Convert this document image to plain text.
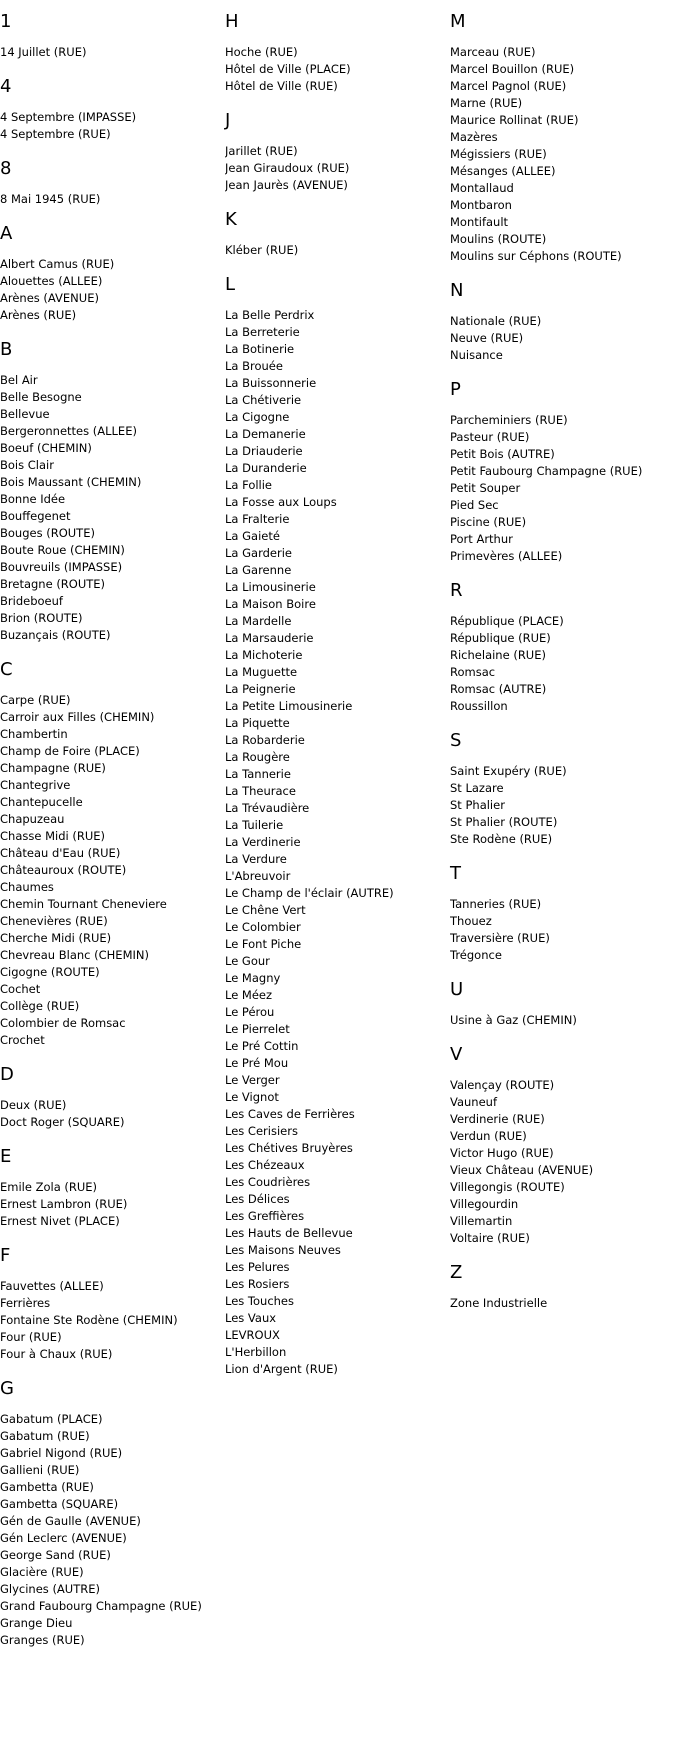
1
14 Juillet (RUE)
4
4 Septembre (IMPASSE)
4 Septembre (RUE)
8
8 Mai 1945 (RUE)
A
Albert Camus (RUE)
Alouettes (ALLEE)
Arènes (AVENUE)
Arènes (RUE)
B
Bel Air
Belle Besogne
Bellevue
Bergeronnettes (ALLEE)
Boeuf (CHEMIN)
Bois Clair
Bois Maussant (CHEMIN)
Bonne Idée
Bouffegenet
Bouges (ROUTE)
Boute Roue (CHEMIN)
Bouvreuils (IMPASSE)
Bretagne (ROUTE)
Brideboeuf
Brion (ROUTE)
Buzançais (ROUTE)
C
Carpe (RUE)
Carroir aux Filles (CHEMIN)
Chambertin
Champ de Foire (PLACE)
Champagne (RUE)
Chantegrive
Chantepucelle
Chapuzeau
Chasse Midi (RUE)
Château d'Eau (RUE)
Châteauroux (ROUTE)
Chaumes
Chemin Tournant Cheneviere
Chenevières (RUE)
Cherche Midi (RUE)
Chevreau Blanc (CHEMIN)
Cigogne (ROUTE)
Cochet
Collège (RUE)
Colombier de Romsac
Crochet
D
Deux (RUE)
Doct Roger (SQUARE)
E
Emile Zola (RUE)
Ernest Lambron (RUE)
Ernest Nivet (PLACE)
F
Fauvettes (ALLEE)
Ferrières
Fontaine Ste Rodène (CHEMIN)
Four (RUE)
Four à Chaux (RUE)
G
Gabatum (PLACE)
Gabatum (RUE)
Gabriel Nigond (RUE)
Gallieni (RUE)
Gambetta (RUE)
Gambetta (SQUARE)
Gén de Gaulle (AVENUE)
Gén Leclerc (AVENUE)
George Sand (RUE)
Glacière (RUE)
Glycines (AUTRE)
Grand Faubourg Champagne (RUE)
Grange Dieu
Granges (RUE)
H
Hoche (RUE)
Hôtel de Ville (PLACE)
Hôtel de Ville (RUE)
J
Jarillet (RUE)
Jean Giraudoux (RUE)
Jean Jaurès (AVENUE)
K
Kléber (RUE)
L
La Belle Perdrix
La Berreterie
La Botinerie
La Brouée
La Buissonnerie
La Chétiverie
La Cigogne
La Demanerie
La Driauderie
La Duranderie
La Follie
La Fosse aux Loups
La Fralterie
La Gaieté
La Garderie
La Garenne
La Limousinerie
La Maison Boire
La Mardelle
La Marsauderie
La Michoterie
La Muguette
La Peignerie
La Petite Limousinerie
La Piquette
La Robarderie
La Rougère
La Tannerie
La Theurace
La Trévaudière
La Tuilerie
La Verdinerie
La Verdure
L'Abreuvoir
Le Champ de l'éclair (AUTRE)
Le Chêne Vert
Le Colombier
Le Font Piche
Le Gour
Le Magny
Le Méez
Le Pérou
Le Pierrelet
Le Pré Cottin
Le Pré Mou
Le Verger
Le Vignot
Les Caves de Ferrières
Les Cerisiers
Les Chétives Bruyères
Les Chézeaux
Les Coudrières
Les Délices
Les Greffières
Les Hauts de Bellevue
Les Maisons Neuves
Les Pelures
Les Rosiers
Les Touches
Les Vaux
LEVROUX
L'Herbillon
Lion d'Argent (RUE)
M
Marceau (RUE)
Marcel Bouillon (RUE)
Marcel Pagnol (RUE)
Marne (RUE)
Maurice Rollinat (RUE)
Mazères
Mégissiers (RUE)
Mésanges (ALLEE)
Montallaud
Montbaron
Montifault
Moulins (ROUTE)
Moulins sur Céphons (ROUTE)
N
Nationale (RUE)
Neuve (RUE)
Nuisance
P
Parcheminiers (RUE)
Pasteur (RUE)
Petit Bois (AUTRE)
Petit Faubourg Champagne (RUE)
Petit Souper
Pied Sec
Piscine (RUE)
Port Arthur
Primevères (ALLEE)
R
République (PLACE)
République (RUE)
Richelaine (RUE)
Romsac
Romsac (AUTRE)
Roussillon
S
Saint Exupéry (RUE)
St Lazare
St Phalier
St Phalier (ROUTE)
Ste Rodène (RUE)
T
Tanneries (RUE)
Thouez
Traversière (RUE)
Trégonce
U
Usine à Gaz (CHEMIN)
V
Valençay (ROUTE)
Vauneuf
Verdinerie (RUE)
Verdun (RUE)
Victor Hugo (RUE)
Vieux Château (AVENUE)
Villegongis (ROUTE)
Villegourdin
Villemartin
Voltaire (RUE)
Z
Zone Industrielle
